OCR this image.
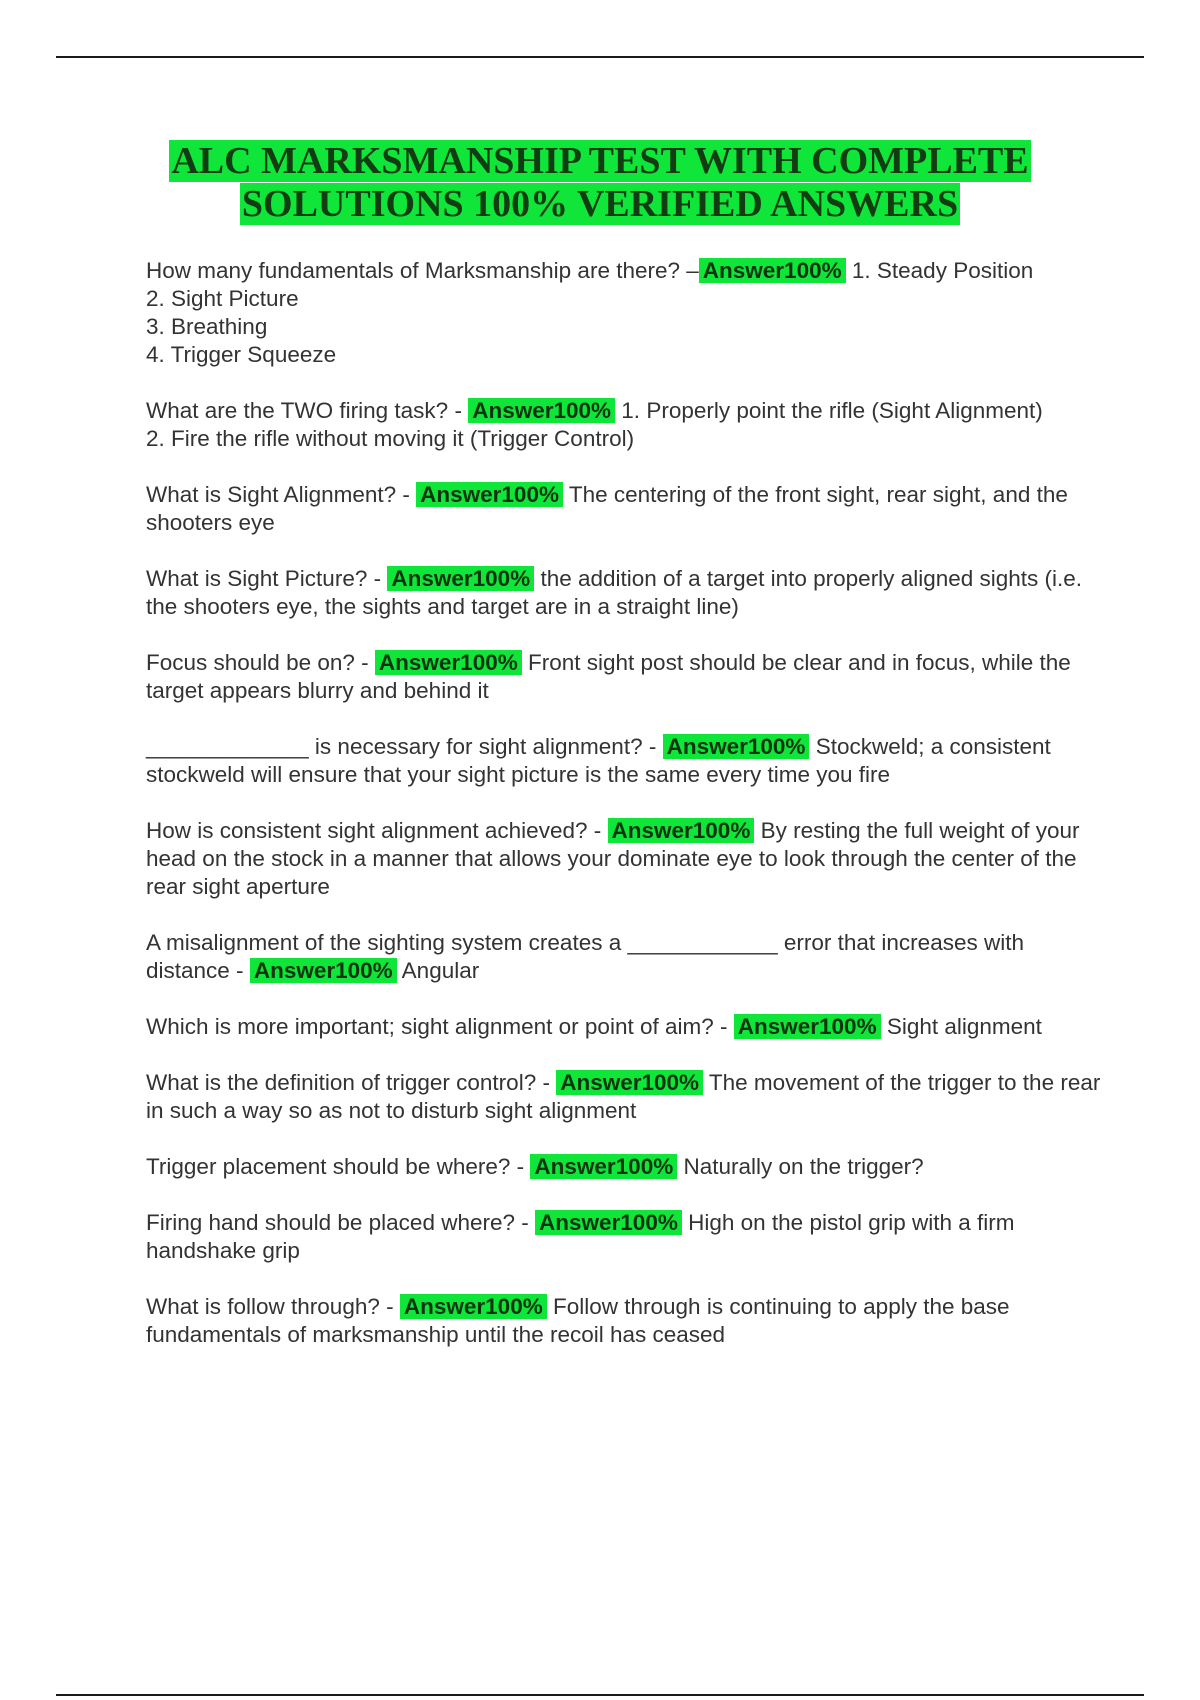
ALC MARKSMANSHIP TEST WITH COMPLETE
SOLUTIONS 100% VERIFIED ANSWERS
How many fundamentals of Marksmanship are there? – Answer100% 1. Steady Position
2. Sight Picture
3. Breathing
4. Trigger Squeeze
What are the TWO firing task? - Answer100% 1. Properly point the rifle (Sight Alignment)
2. Fire the rifle without moving it (Trigger Control)
What is Sight Alignment? - Answer100% The centering of the front sight, rear sight, and the shooters eye
What is Sight Picture? - Answer100% the addition of a target into properly aligned sights (i.e. the shooters eye, the sights and target are in a straight line)
Focus should be on? - Answer100% Front sight post should be clear and in focus, while the target appears blurry and behind it
_____________ is necessary for sight alignment? - Answer100% Stockweld; a consistent stockweld will ensure that your sight picture is the same every time you fire
How is consistent sight alignment achieved? - Answer100% By resting the full weight of your head on the stock in a manner that allows your dominate eye to look through the center of the rear sight aperture
A misalignment of the sighting system creates a ____________ error that increases with distance - Answer100% Angular
Which is more important; sight alignment or point of aim? - Answer100% Sight alignment
What is the definition of trigger control? - Answer100% The movement of the trigger to the rear in such a way so as not to disturb sight alignment
Trigger placement should be where? - Answer100% Naturally on the trigger?
Firing hand should be placed where? - Answer100% High on the pistol grip with a firm handshake grip
What is follow through? - Answer100% Follow through is continuing to apply the base fundamentals of marksmanship until the recoil has ceased
